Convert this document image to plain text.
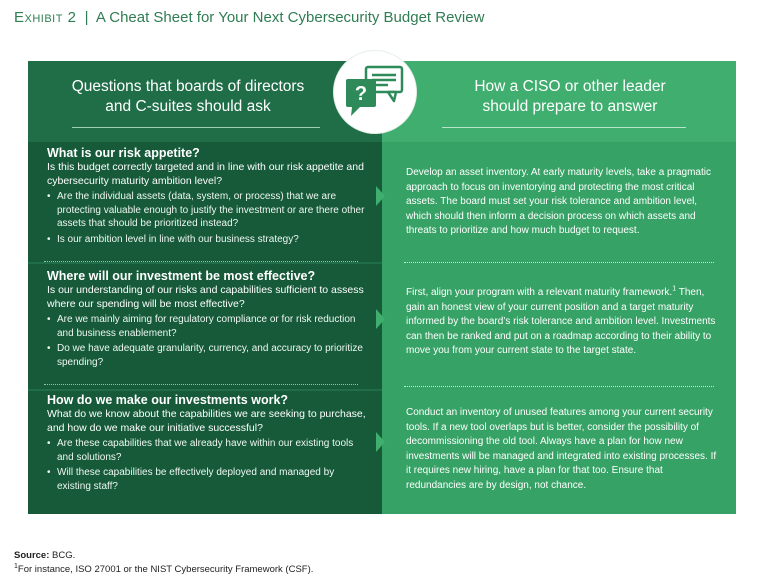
Exhibit 2 | A Cheat Sheet for Your Next Cybersecurity Budget Review
Questions that boards of directors
and C-suites should ask
How a CISO or other leader
should prepare to answer
?
What is our risk appetite?
Is this budget correctly targeted and in line with our risk appetite and cybersecurity maturity ambition level?
• Are the individual assets (data, system, or process) that we are protecting valuable enough to justify the investment or are there other assets that should be prioritized instead?
• Is our ambition level in line with our business strategy?
Where will our investment be most effective?
Is our understanding of our risks and capabilities sufficient to assess where our spending will be most effective?
• Are we mainly aiming for regulatory compliance or for risk reduction and business enablement?
• Do we have adequate granularity, currency, and accuracy to prioritize spending?
How do we make our investments work?
What do we know about the capabilities we are seeking to purchase, and how do we make our initiative successful?
• Are these capabilities that we already have within our existing tools and solutions?
• Will these capabilities be effectively deployed and managed by existing staff?
Develop an asset inventory. At early maturity levels, take a pragmatic approach to focus on inventorying and protecting the most critical assets. The board must set your risk tolerance and ambition level, which should then inform a decision process on which assets and threats to prioritize and how much budget to request.
First, align your program with a relevant maturity framework.$^1$ Then, gain an honest view of your current position and a target maturity informed by the board’s risk tolerance and ambition level. Investments can then be ranked and put on a roadmap according to their ability to move you from your current state to the target state.
Conduct an inventory of unused features among your current security tools. If a new tool overlaps but is better, consider the possibility of decommissioning the old tool. Always have a plan for how new investments will be managed and integrated into existing processes. If it requires new hiring, have a plan for that too. Ensure that redundancies are by design, not chance.
Source: BCG.
$^1$For instance, ISO 27001 or the NIST Cybersecurity Framework (CSF).
